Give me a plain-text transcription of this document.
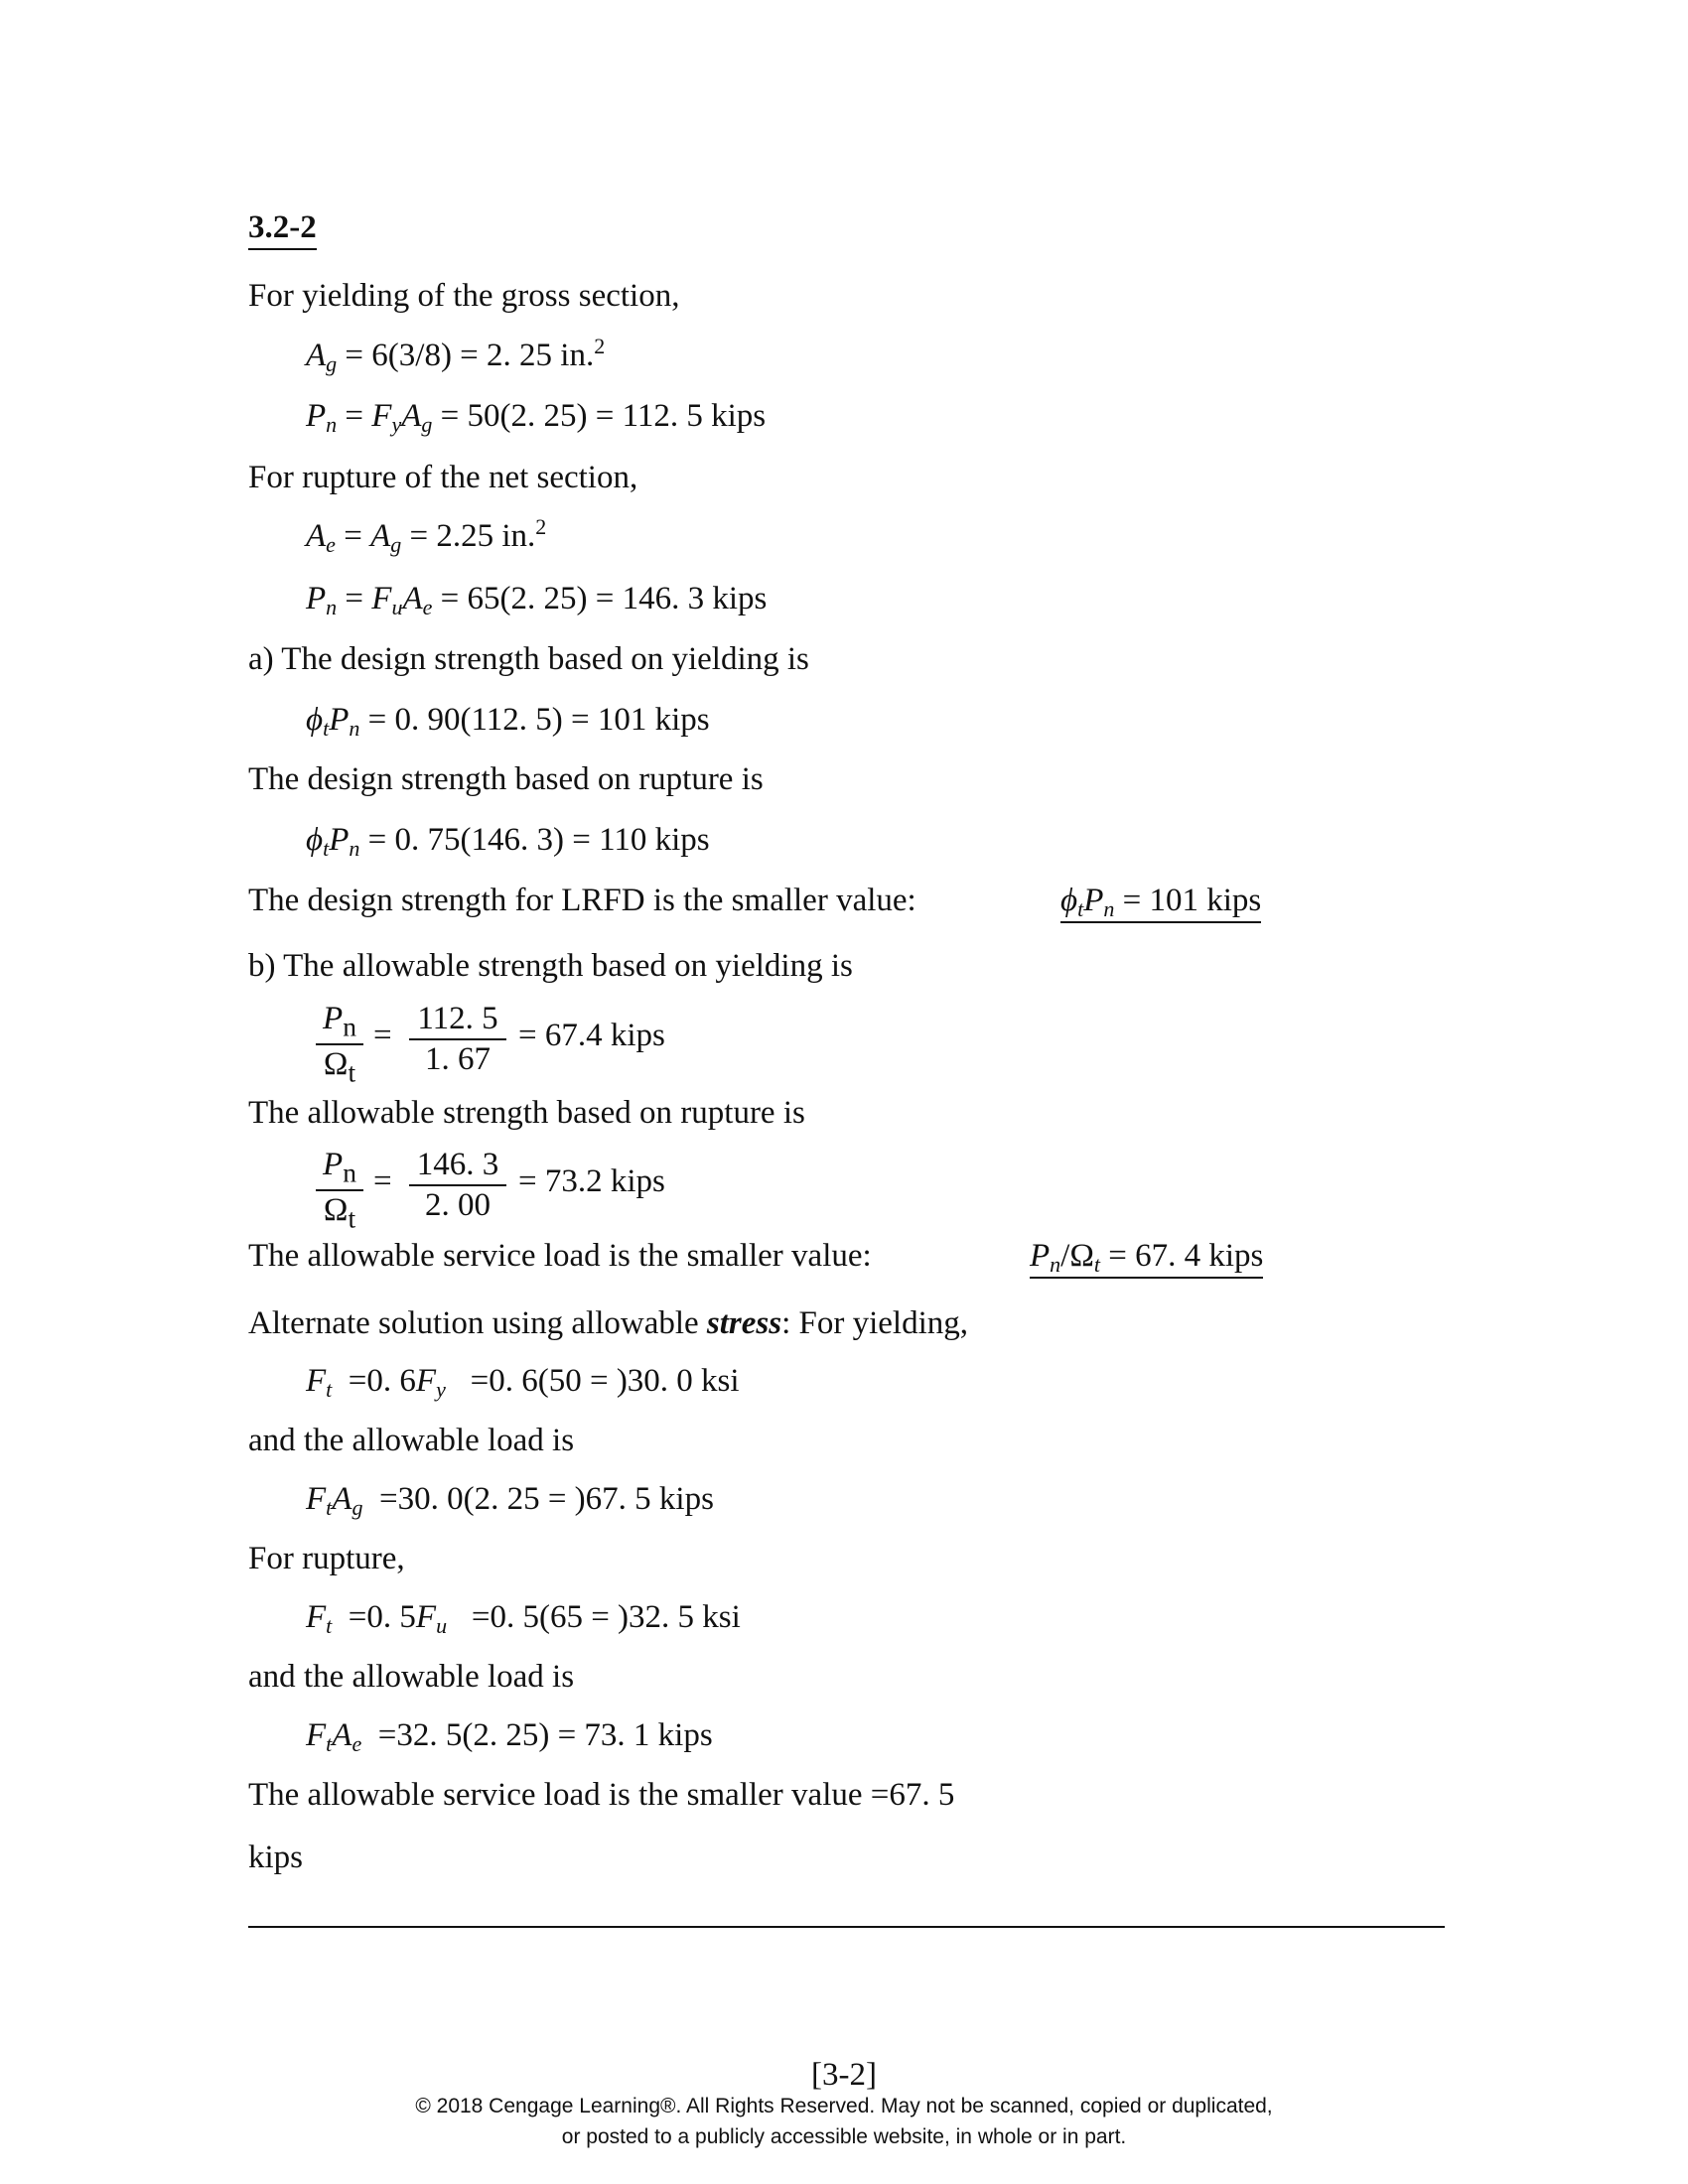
3.2-2
For yielding of the gross section,
$A_g = 6(3/8) = 2$. 25 in.$^2$
$P_n = F_yA_g = 50(2$. 25) = 112. 5 kips
For rupture of the net section,
$A_e = A_g = 2.25$ in.$^2$
$P_n = F_uA_e = 65(2$. 25) = 146. 3 kips
a) The design strength based on yielding is
$\phi_tP_n = 0$. 90(112. 5) = 101 kips
The design strength based on rupture is
$\phi_tP_n = 0$. 75(146. 3) = 110 kips
The design strength for LRFD is the smaller value:	$\phi_tP_n = 101$ kips
b) The allowable strength based on yielding is
$\frac{P_n}{\Omega_t} = \frac{112. 5}{1. 67} = 67.4$ kips
The allowable strength based on rupture is
$\frac{P_n}{\Omega_t} = \frac{146. 3}{2. 00} = 73.2$ kips
The allowable service load is the smaller value:	$P_n/\Omega_t = 67$. 4 kips
Alternate solution using allowable stress: For yielding,
$F_t =0$. $6F_y =0$. 6(50 = )30. 0 ksi
and the allowable load is
$F_tA_g =30$. 0(2. 25 = )67. 5 kips
For rupture,
$F_t =0$. $5F_u =0$. 5(65 = )32. 5 ksi
and the allowable load is
$F_tA_e =32$. 5(2. 25) = 73. 1 kips
The allowable service load is the smaller value =67. 5
kips
[3-2]
© 2018 Cengage Learning®. All Rights Reserved. May not be scanned, copied or duplicated,
or posted to a publicly accessible website, in whole or in part.
